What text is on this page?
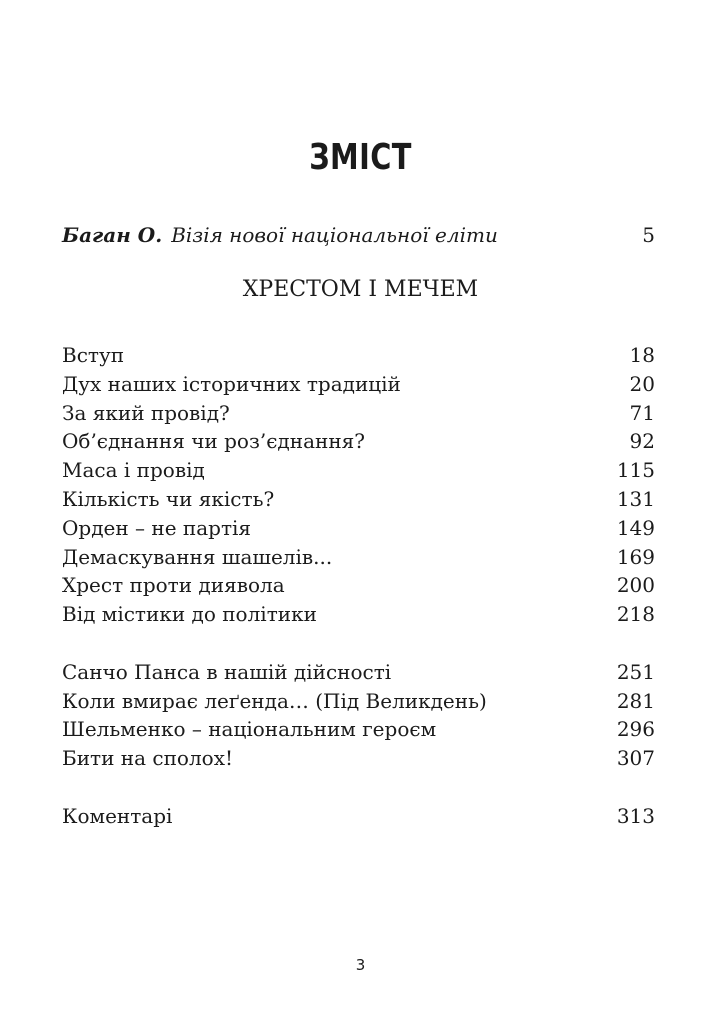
ЗМІСТ
Баган О. Візія нової національної еліти	5
ХРЕСТОМ І МЕЧЕМ
Вступ	18
Дух наших історичних традицій	20
За який провід?	71
Об’єднання чи роз’єднання?	92
Маса і провід	115
Кількість чи якість?	131
Орден – не партія	149
Демаскування шашелів...	169
Хрест проти диявола	200
Від містики до політики	218
Санчо Панса в нашій дійсності	251
Коли вмирає леґенда… (Під Великдень)	281
Шельменко – національним героєм	296
Бити на сполох!	307
Коментарі	313
3
